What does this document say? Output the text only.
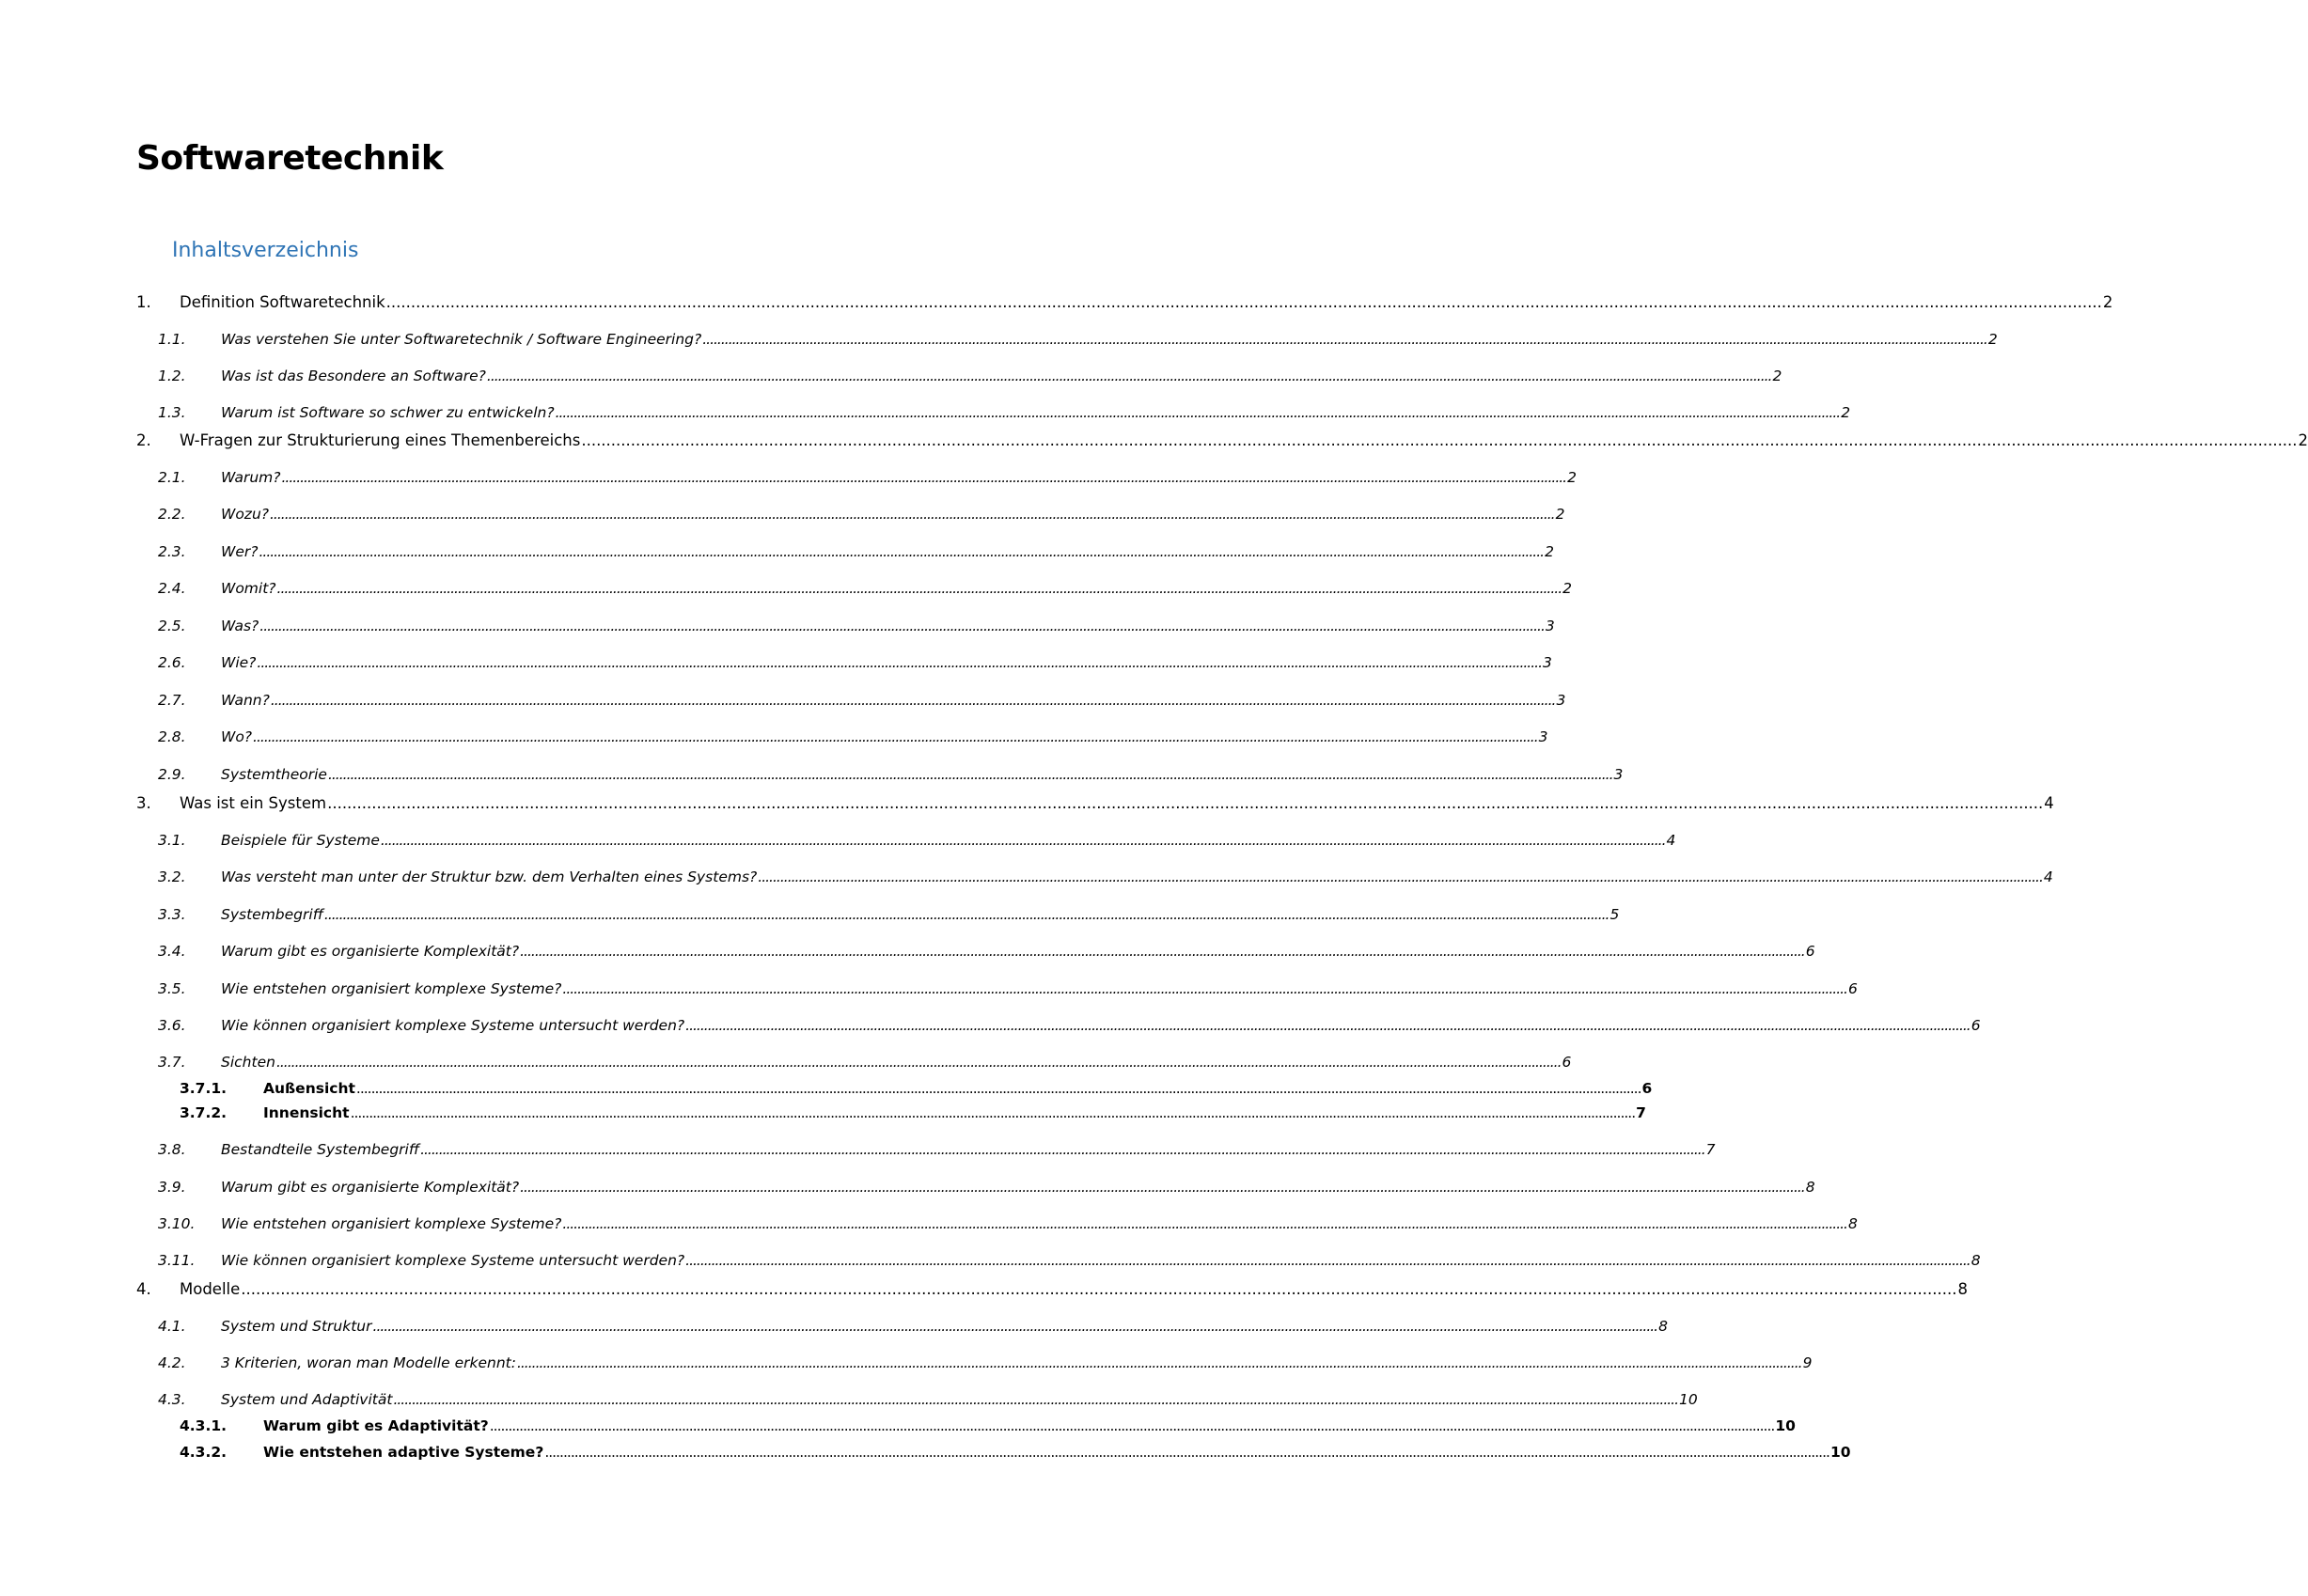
Softwaretechnik
Inhaltsverzeichnis
1.	Definition Softwaretechnik .....	2
1.1.	Was verstehen Sie unter Softwaretechnik / Software Engineering? .....	2
1.2.	Was ist das Besondere an Software? .....	2
1.3.	Warum ist Software so schwer zu entwickeln? .....	2
2.	W-Fragen zur Strukturierung eines Themenbereichs .....	2
2.1.	Warum? .....	2
2.2.	Wozu? .....	2
2.3.	Wer? .....	2
2.4.	Womit? .....	2
2.5.	Was? .....	3
2.6.	Wie? .....	3
2.7.	Wann? .....	3
2.8.	Wo? .....	3
2.9.	Systemtheorie .....	3
3.	Was ist ein System .....	4
3.1.	Beispiele für Systeme .....	4
3.2.	Was versteht man unter der Struktur bzw. dem Verhalten eines Systems? .....	4
3.3.	Systembegriff .....	5
3.4.	Warum gibt es organisierte Komplexität? .....	6
3.5.	Wie entstehen organisiert komplexe Systeme? .....	6
3.6.	Wie können organisiert komplexe Systeme untersucht werden? .....	6
3.7.	Sichten .....	6
3.7.1.	Außensicht .....	6
3.7.2.	Innensicht .....	7
3.8.	Bestandteile Systembegriff .....	7
3.9.	Warum gibt es organisierte Komplexität? .....	8
3.10.	Wie entstehen organisiert komplexe Systeme? .....	8
3.11.	Wie können organisiert komplexe Systeme untersucht werden? .....	8
4.	Modelle .....	8
4.1.	System und Struktur .....	8
4.2.	3 Kriterien, woran man Modelle erkennt: .....	9
4.3.	System und Adaptivität .....	10
4.3.1.	Warum gibt es Adaptivität? .....	10
4.3.2.	Wie entstehen adaptive Systeme? .....	10
